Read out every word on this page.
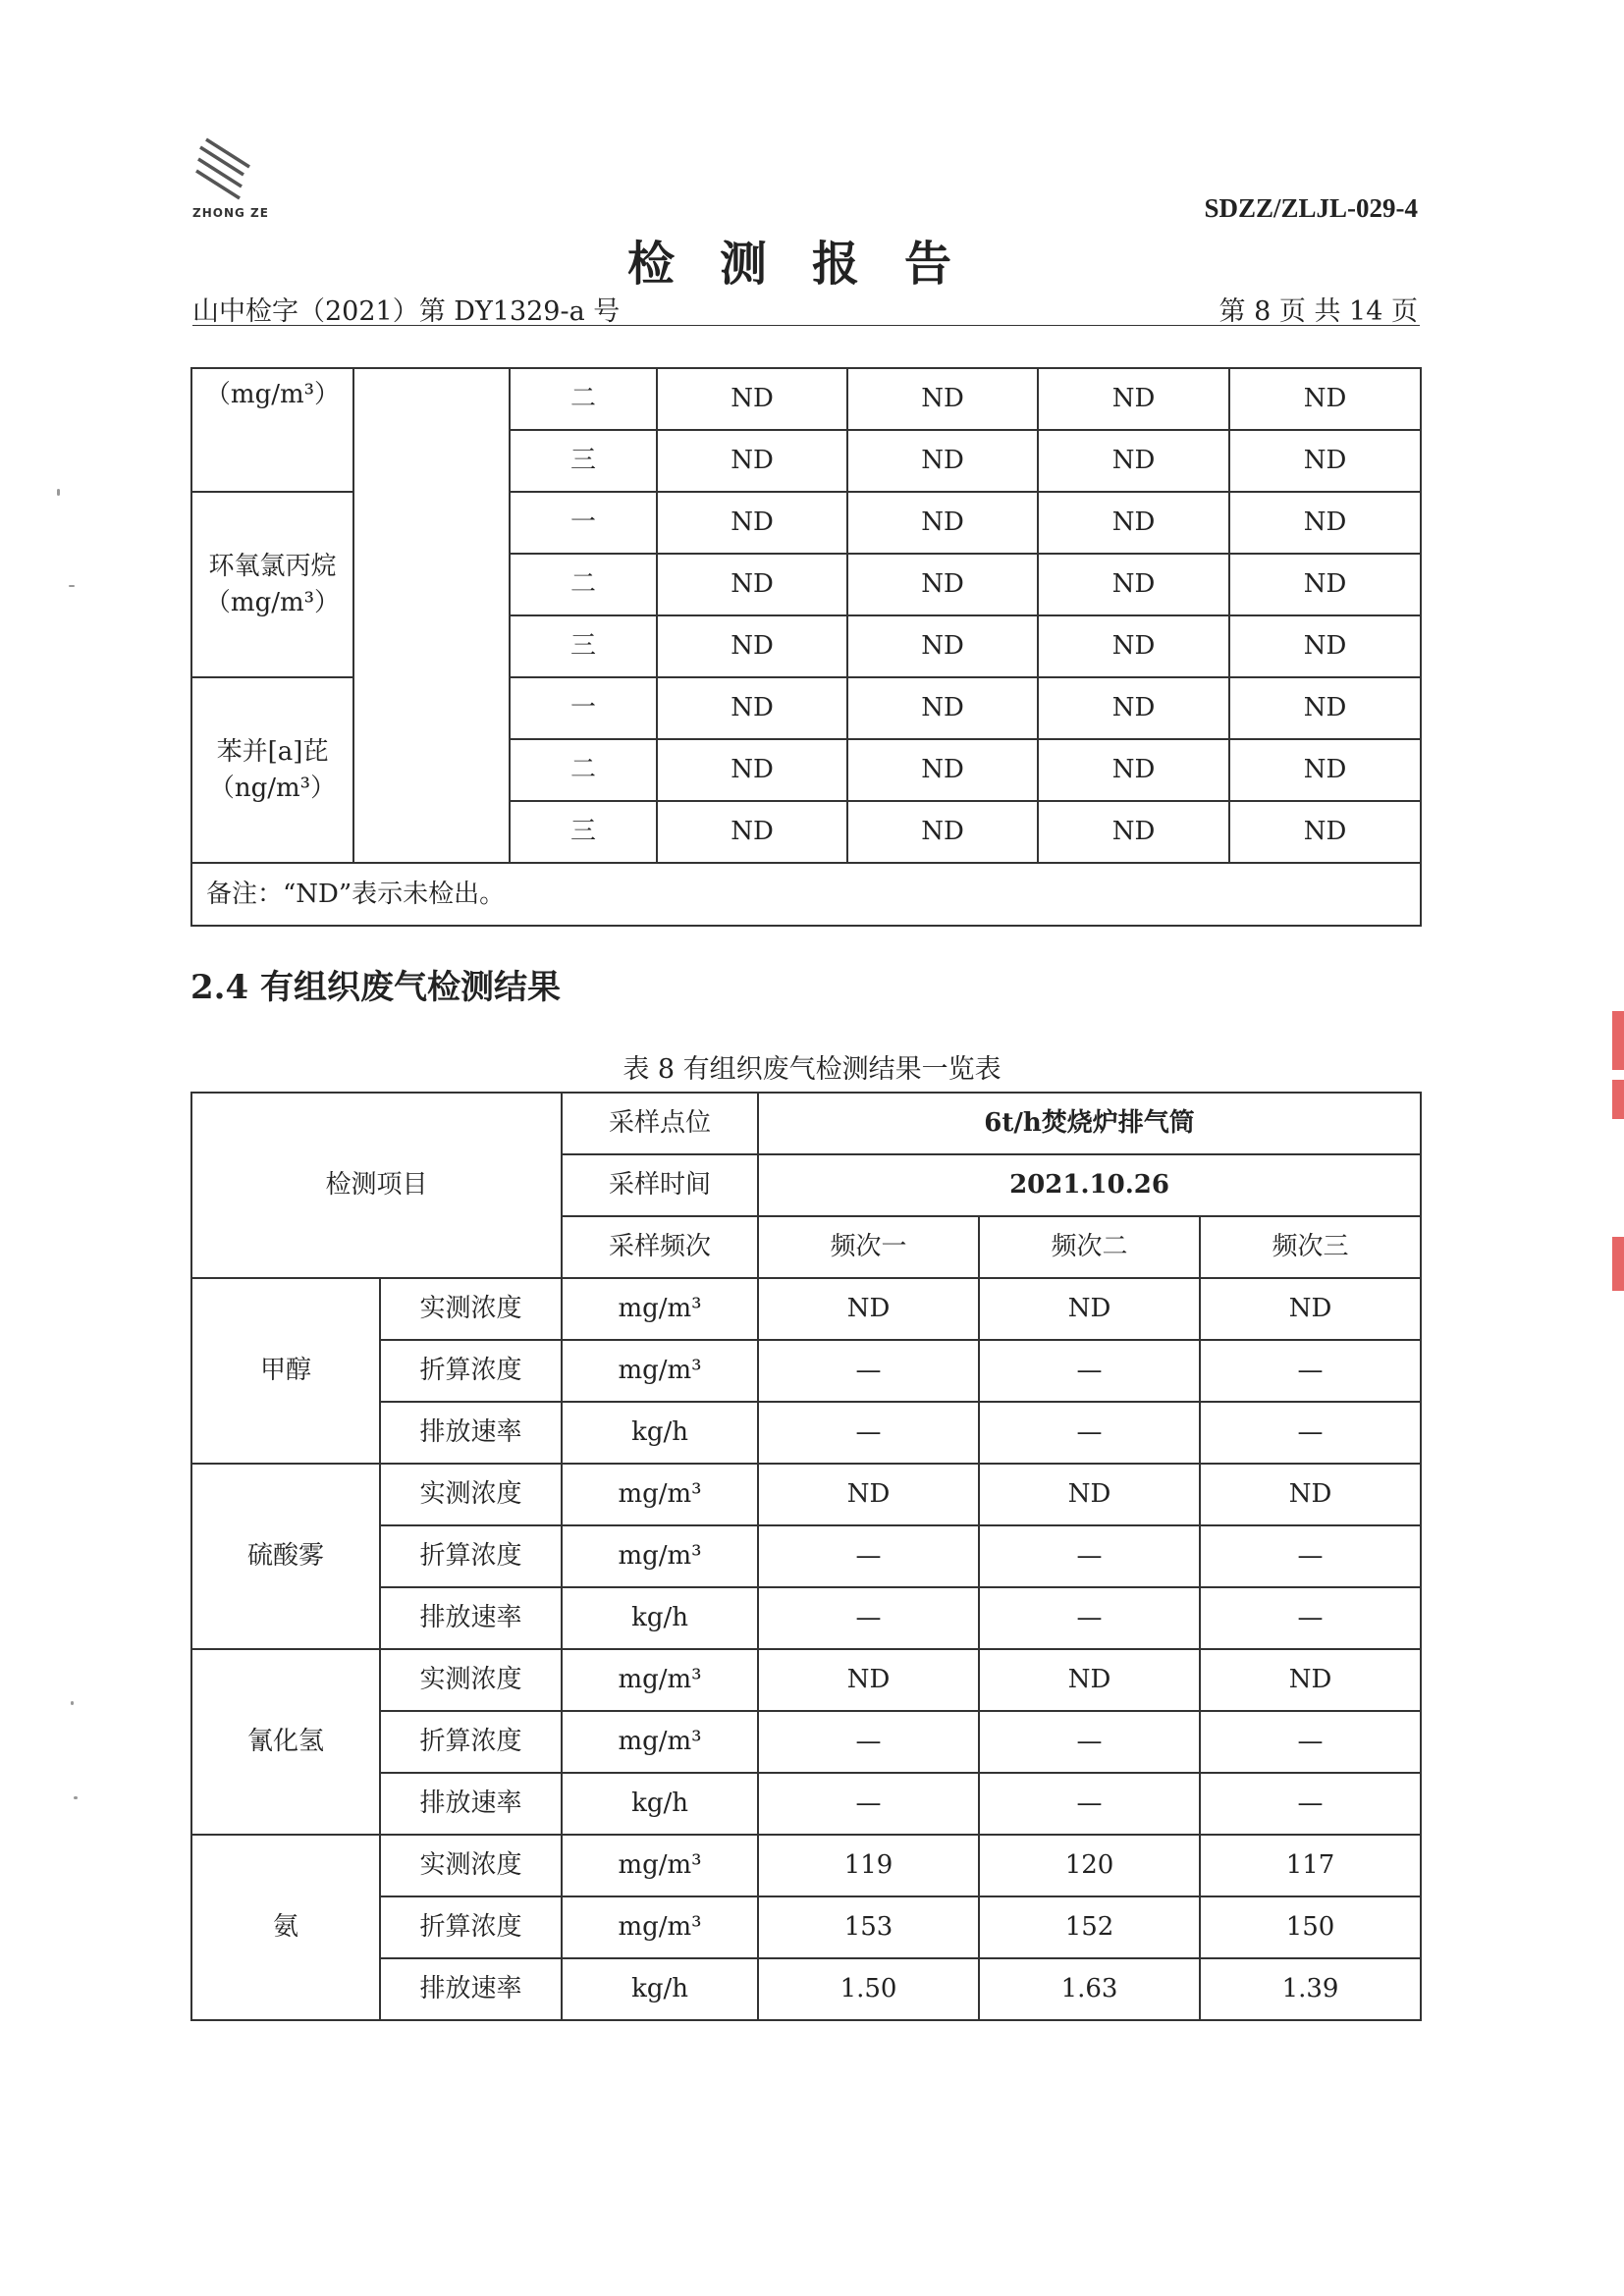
ZHONG ZE	SDZZ/ZLJL-029-4
检测报告
山中检字（2021）第 DY1329-a 号	第 8 页 共 14 页
（mg/m³）		二	ND	ND	ND	ND
		三	ND	ND	ND	ND
环氧氯丙烷（mg/m³）		一	ND	ND	ND	ND
		二	ND	ND	ND	ND
		三	ND	ND	ND	ND
苯并[a]芘（ng/m³）		一	ND	ND	ND	ND
		二	ND	ND	ND	ND
		三	ND	ND	ND	ND
备注：“ND”表示未检出。						
2.4 有组织废气检测结果
表 8 有组织废气检测结果一览表
检测项目		采样点位	6t/h焚烧炉排气筒		
		采样时间	2021.10.26		
		采样频次	频次一	频次二	频次三
甲醇	实测浓度	mg/m³	ND	ND	ND
	折算浓度	mg/m³	—	—	—
	排放速率	kg/h	—	—	—
硫酸雾	实测浓度	mg/m³	ND	ND	ND
	折算浓度	mg/m³	—	—	—
	排放速率	kg/h	—	—	—
氰化氢	实测浓度	mg/m³	ND	ND	ND
	折算浓度	mg/m³	—	—	—
	排放速率	kg/h	—	—	—
氨	实测浓度	mg/m³	119	120	117
	折算浓度	mg/m³	153	152	150
	排放速率	kg/h	1.50	1.63	1.39
